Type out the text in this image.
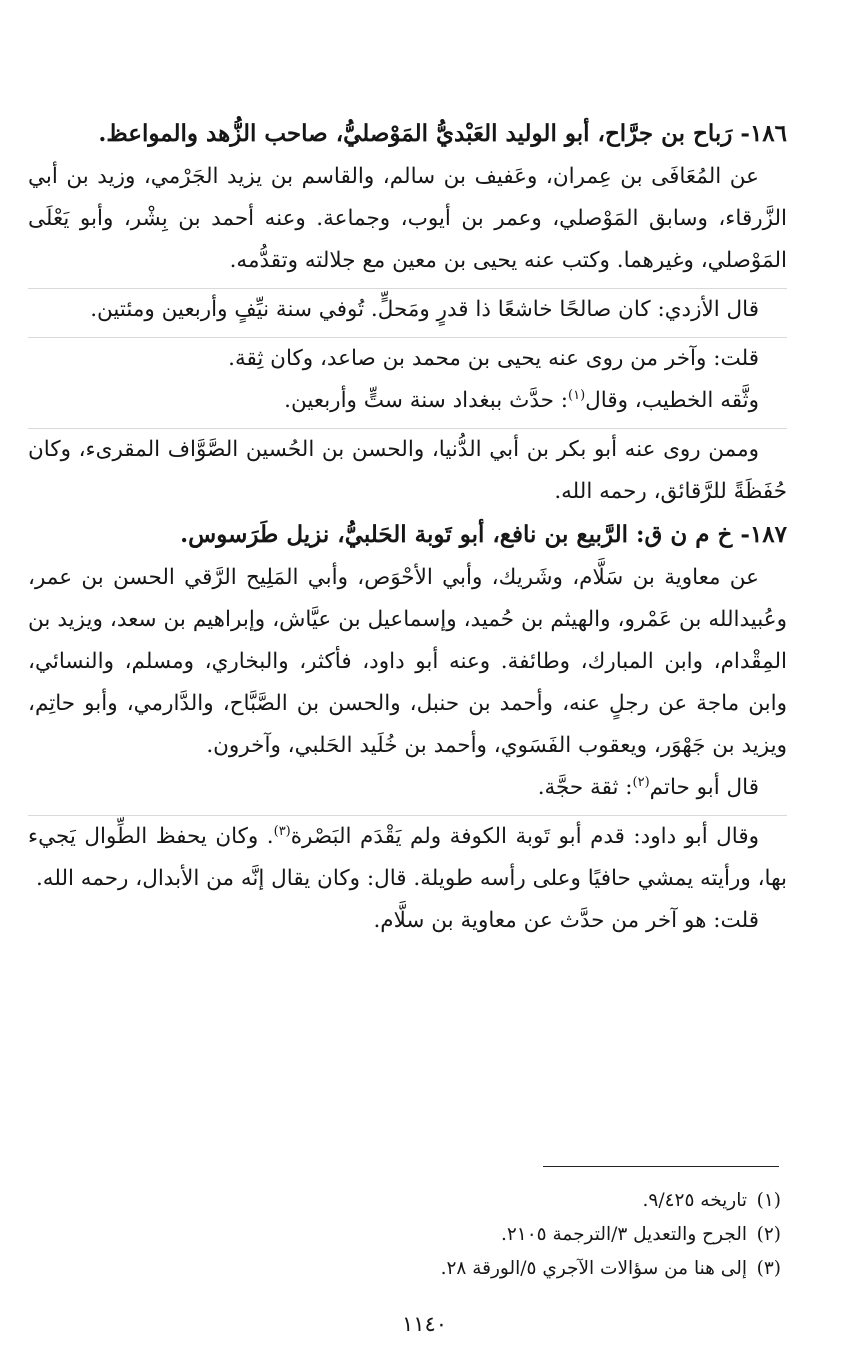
١٨٦- رَباح بن جرَّاح، أبو الوليد العَبْديُّ المَوْصليُّ، صاحب الزُّهد والمواعظ.

عن المُعَافَى بن عِمران، وعَفيف بن سالم، والقاسم بن يزيد الجَرْمي، وزيد بن أبي الزَّرقاء، وسابق المَوْصلي، وعمر بن أيوب، وجماعة. وعنه أحمد بن بِشْر، وأبو يَعْلَى المَوْصلي، وغيرهما. وكتب عنه يحيى بن معين مع جلالته وتقدُّمه.

قال الأزدي: كان صالحًا خاشعًا ذا قدرٍ ومَحلٍّ. تُوفي سنة نيِّفٍ وأربعين ومئتين.

قلت: وآخر من روى عنه يحيى بن محمد بن صاعد، وكان ثِقة.

وثَّقه الخطيب، وقال$^{(١)}$: حدَّث ببغداد سنة ستٍّ وأربعين.

وممن روى عنه أبو بكر بن أبي الدُّنيا، والحسن بن الحُسين الصَّوَّاف المقرىء، وكان حُفَظَةً للرَّقائق، رحمه الله.

١٨٧- خ م ن ق: الرَّبيع بن نافع، أبو تَوبة الحَلبيُّ، نزيل طَرَسوس.

عن معاوية بن سَلَّام، وشَريك، وأبي الأحْوَص، وأبي المَلِيح الرَّقي الحسن بن عمر، وعُبيدالله بن عَمْرو، والهيثم بن حُميد، وإسماعيل بن عيَّاش، وإبراهيم بن سعد، ويزيد بن المِقْدام، وابن المبارك، وطائفة. وعنه أبو داود، فأكثر، والبخاري، ومسلم، والنسائي، وابن ماجة عن رجلٍ عنه، وأحمد بن حنبل، والحسن بن الصَّبَّاح، والدَّارمي، وأبو حاتِم، ويزيد بن جَهْوَر، ويعقوب الفَسَوي، وأحمد بن خُلَيد الحَلبي، وآخرون.

قال أبو حاتم$^{(٢)}$: ثقة حجَّة.

وقال أبو داود: قدم أبو تَوبة الكوفة ولم يَقْدَم البَصْرة$^{(٣)}$. وكان يحفظ الطِّوال يَجيء بها، ورأيته يمشي حافيًا وعلى رأسه طويلة. قال: وكان يقال إنَّه من الأبدال، رحمه الله.

قلت: هو آخر من حدَّث عن معاوية بن سلَّام.

(١)تاريخه ٩/٤٢٥.
(٢)الجرح والتعديل ٣/الترجمة ٢١٠٥.
(٣)إلى هنا من سؤالات الآجري ٥/الورقة ٢٨.
١١٤٠
